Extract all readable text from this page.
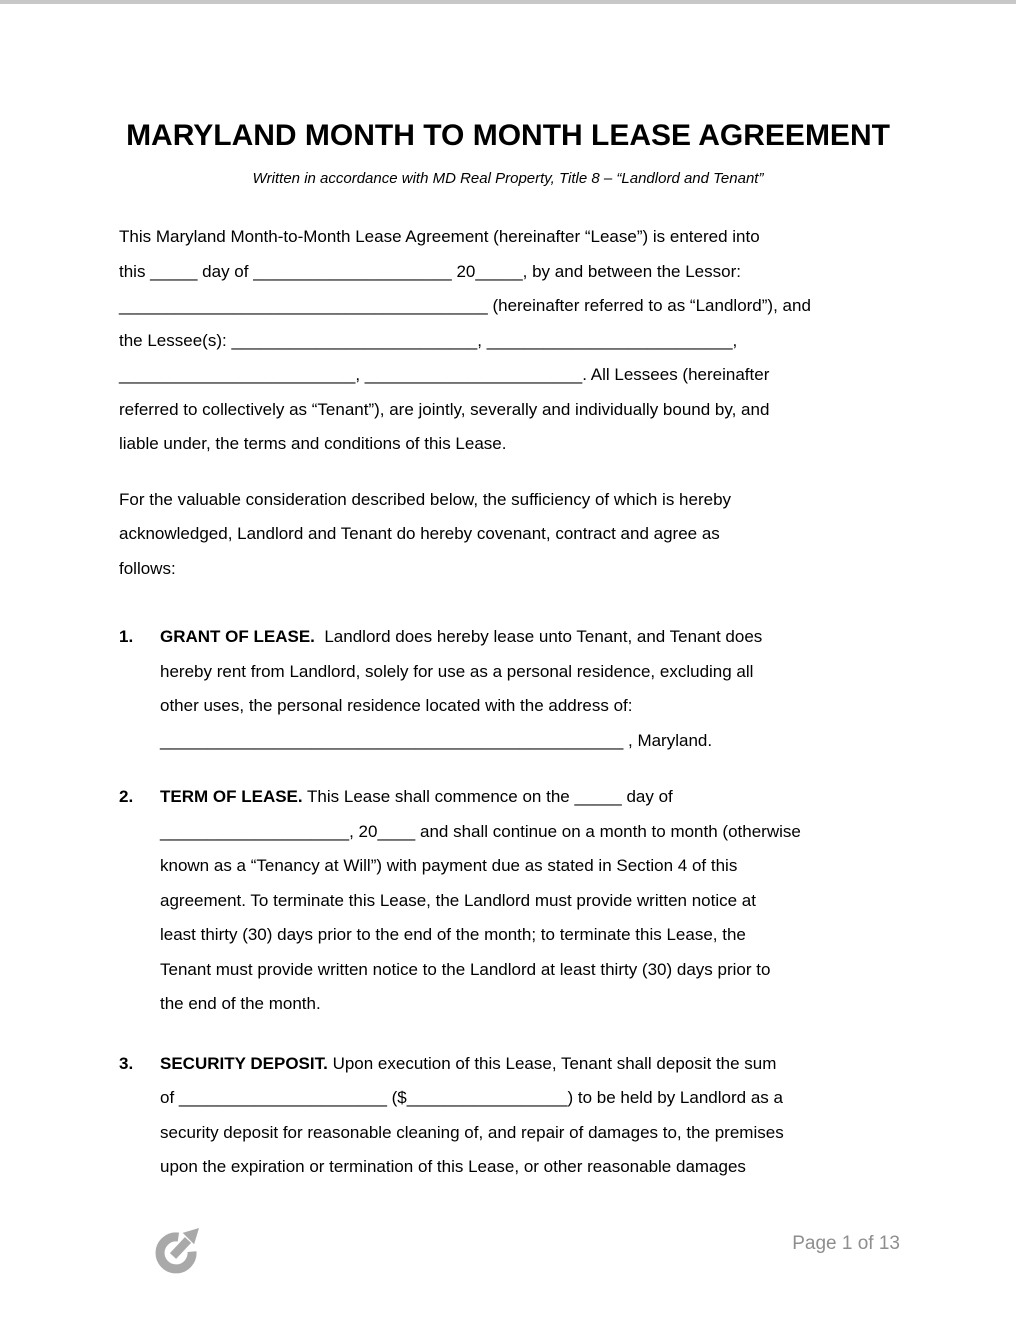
MARYLAND MONTH TO MONTH LEASE AGREEMENT
Written in accordance with MD Real Property, Title 8 – “Landlord and Tenant”
This Maryland Month-to-Month Lease Agreement (hereinafter “Lease”) is entered into
this _____ day of _____________________ 20_____, by and between the Lessor:
_______________________________________ (hereinafter referred to as “Landlord”), and
the Lessee(s): __________________________, __________________________,
_________________________, _______________________. All Lessees (hereinafter
referred to collectively as “Tenant”), are jointly, severally and individually bound by, and
liable under, the terms and conditions of this Lease.
For the valuable consideration described below, the sufficiency of which is hereby
acknowledged, Landlord and Tenant do hereby covenant, contract and agree as
follows:
1.	GRANT OF LEASE.  Landlord does hereby lease unto Tenant, and Tenant does
hereby rent from Landlord, solely for use as a personal residence, excluding all
other uses, the personal residence located with the address of:
_________________________________________________ , Maryland.
2.	TERM OF LEASE. This Lease shall commence on the _____ day of
____________________, 20____ and shall continue on a month to month (otherwise
known as a “Tenancy at Will”) with payment due as stated in Section 4 of this
agreement. To terminate this Lease, the Landlord must provide written notice at
least thirty (30) days prior to the end of the month; to terminate this Lease, the
Tenant must provide written notice to the Landlord at least thirty (30) days prior to
the end of the month.
3.	SECURITY DEPOSIT. Upon execution of this Lease, Tenant shall deposit the sum
of ______________________ ($_________________) to be held by Landlord as a
security deposit for reasonable cleaning of, and repair of damages to, the premises
upon the expiration or termination of this Lease, or other reasonable damages
Page 1 of 13
